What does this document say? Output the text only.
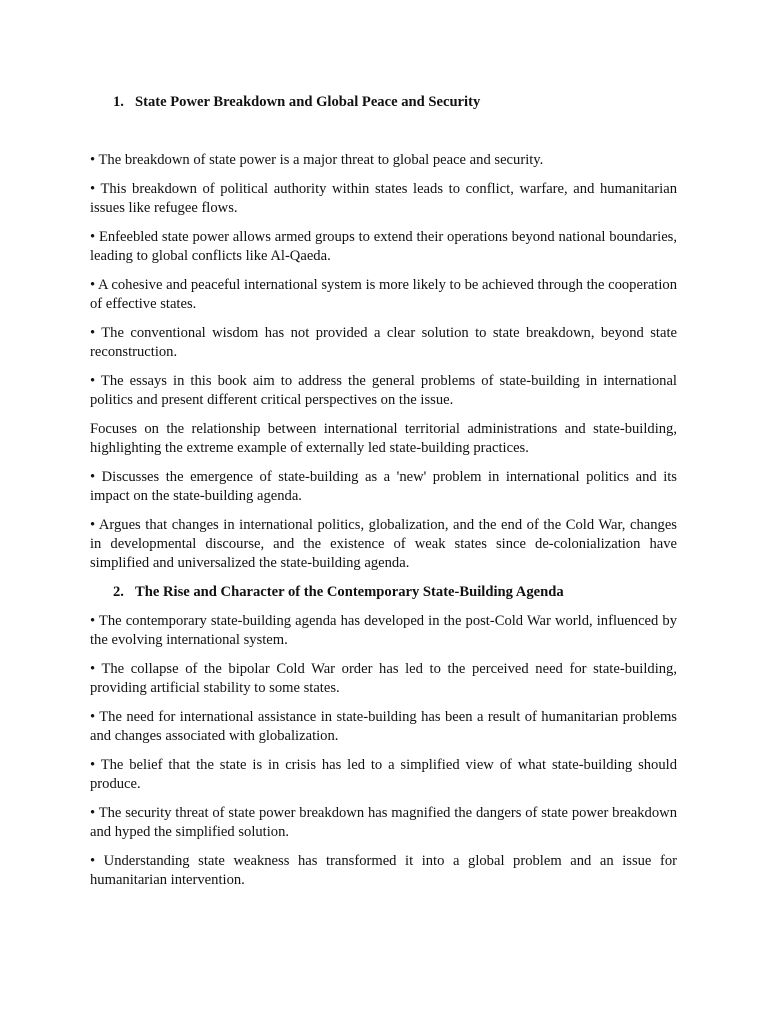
1. State Power Breakdown and Global Peace and Security

• The breakdown of state power is a major threat to global peace and security.

• This breakdown of political authority within states leads to conflict, warfare, and humanitarian issues like refugee flows.

• Enfeebled state power allows armed groups to extend their operations beyond national boundaries, leading to global conflicts like Al-Qaeda.

• A cohesive and peaceful international system is more likely to be achieved through the cooperation of effective states.

• The conventional wisdom has not provided a clear solution to state breakdown, beyond state reconstruction.

• The essays in this book aim to address the general problems of state-building in international politics and present different critical perspectives on the issue.

Focuses on the relationship between international territorial administrations and state-building, highlighting the extreme example of externally led state-building practices.

• Discusses the emergence of state-building as a 'new' problem in international politics and its impact on the state-building agenda.

• Argues that changes in international politics, globalization, and the end of the Cold War, changes in developmental discourse, and the existence of weak states since de-colonialization have simplified and universalized the state-building agenda.

2. The Rise and Character of the Contemporary State-Building Agenda

• The contemporary state-building agenda has developed in the post-Cold War world, influenced by the evolving international system.

• The collapse of the bipolar Cold War order has led to the perceived need for state-building, providing artificial stability to some states.

• The need for international assistance in state-building has been a result of humanitarian problems and changes associated with globalization.

• The belief that the state is in crisis has led to a simplified view of what state-building should produce.

• The security threat of state power breakdown has magnified the dangers of state power breakdown and hyped the simplified solution.

• Understanding state weakness has transformed it into a global problem and an issue for humanitarian intervention.
